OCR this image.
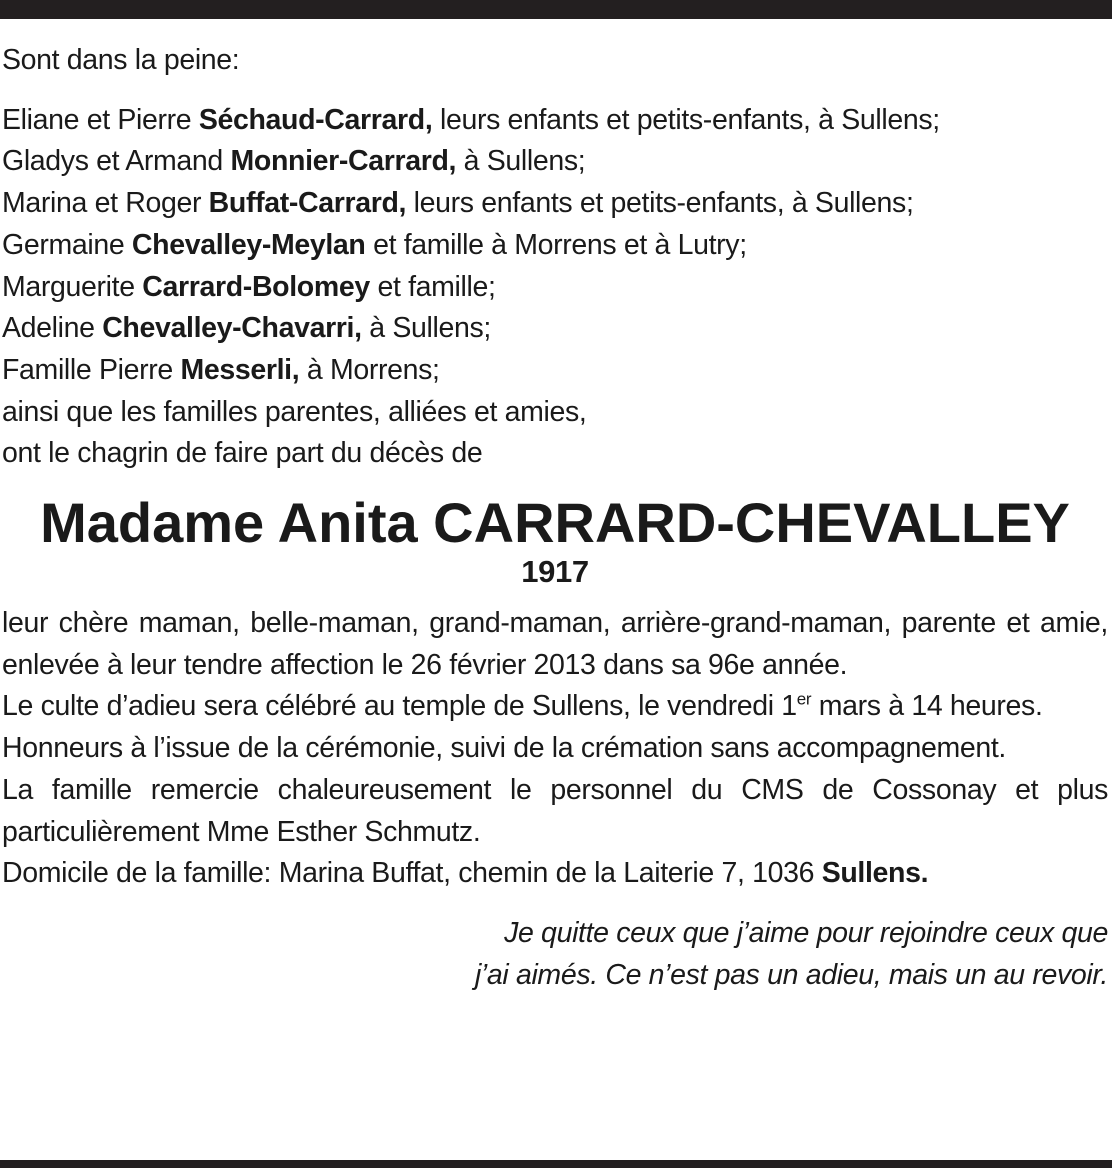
Sont dans la peine:
Eliane et Pierre Séchaud-Carrard, leurs enfants et petits-enfants, à Sullens;
Gladys et Armand Monnier-Carrard, à Sullens;
Marina et Roger Buffat-Carrard, leurs enfants et petits-enfants, à Sullens;
Germaine Chevalley-Meylan et famille à Morrens et à Lutry;
Marguerite Carrard-Bolomey et famille;
Adeline Chevalley-Chavarri, à Sullens;
Famille Pierre Messerli, à Morrens;
ainsi que les familles parentes, alliées et amies,
ont le chagrin de faire part du décès de
Madame Anita CARRARD-CHEVALLEY
1917
leur chère maman, belle-maman, grand-maman, arrière-grand-maman, parente et amie, enlevée à leur tendre affection le 26 février 2013 dans sa 96e année.
Le culte d’adieu sera célébré au temple de Sullens, le vendredi 1er mars à 14 heures.
Honneurs à l’issue de la cérémonie, suivi de la crémation sans accompagnement.
La famille remercie chaleureusement le personnel du CMS de Cossonay et plus particulièrement Mme Esther Schmutz.
Domicile de la famille: Marina Buffat, chemin de la Laiterie 7, 1036 Sullens.
Je quitte ceux que j’aime pour rejoindre ceux que
j’ai aimés. Ce n’est pas un adieu, mais un au revoir.
